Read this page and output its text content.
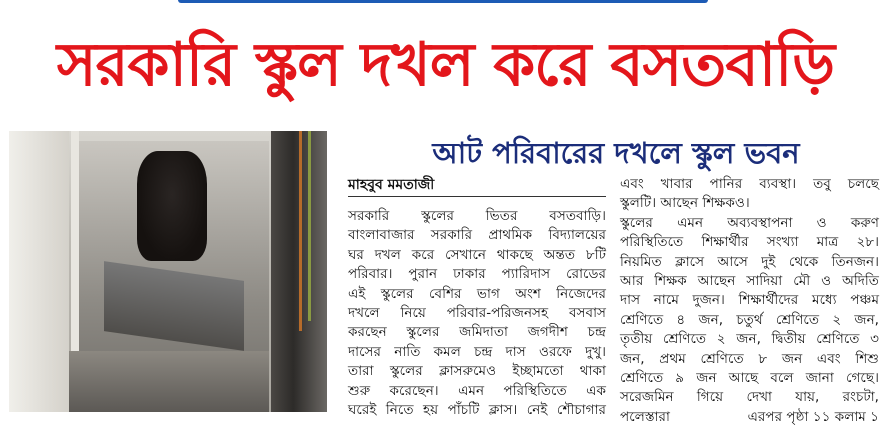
সরকারি স্কুল দখল করে বসতবাড়ি
আট পরিবারের দখলে স্কুল ভবন
মাহবুব মমতাজী

সরকারি স্কুলের ভিতর বসতবাড়ি।

বাংলাবাজার সরকারি প্রাথমিক বিদ্যালয়ের

ঘর দখল করে সেখানে থাকছে অন্তত ৮টি

পরিবার। পুরান ঢাকার প্যারিদাস রোডের

এই স্কুলের বেশির ভাগ অংশ নিজেদের

দখলে নিয়ে পরিবার-পরিজনসহ বসবাস

করছেন স্কুলের জমিদাতা জগদীশ চন্দ্র

দাসের নাতি কমল চন্দ্র দাস ওরফে দুখু।

তারা স্কুলের ক্লাসরুমেও ইচ্ছামতো থাকা

শুরু করেছেন। এমন পরিস্থিতিতে এক

ঘরেই নিতে হয় পাঁচটি ক্লাস। নেই শৌচাগার

এবং খাবার পানির ব্যবস্থা। তবু চলছে

স্কুলটি। আছেন শিক্ষকও।

স্কুলের এমন অব্যবস্থাপনা ও করুণ

পরিস্থিতিতে শিক্ষার্থীর সংখ্যা মাত্র ২৮।

নিয়মিত ক্লাসে আসে দুই থেকে তিনজন।

আর শিক্ষক আছেন সাদিয়া মৌ ও অদিতি

দাস নামে দুজন। শিক্ষার্থীদের মধ্যে পঞ্চম

শ্রেণিতে ৪ জন, চতুর্থ শ্রেণিতে ২ জন,

তৃতীয় শ্রেণিতে ২ জন, দ্বিতীয় শ্রেণিতে ৩

জন, প্রথম শ্রেণিতে ৮ জন এবং শিশু

শ্রেণিতে ৯ জন আছে বলে জানা গেছে।

সরেজমিন গিয়ে দেখা যায়, রংচটা,

পলেস্তারা	এরপর পৃষ্ঠা ১১ কলাম ১
